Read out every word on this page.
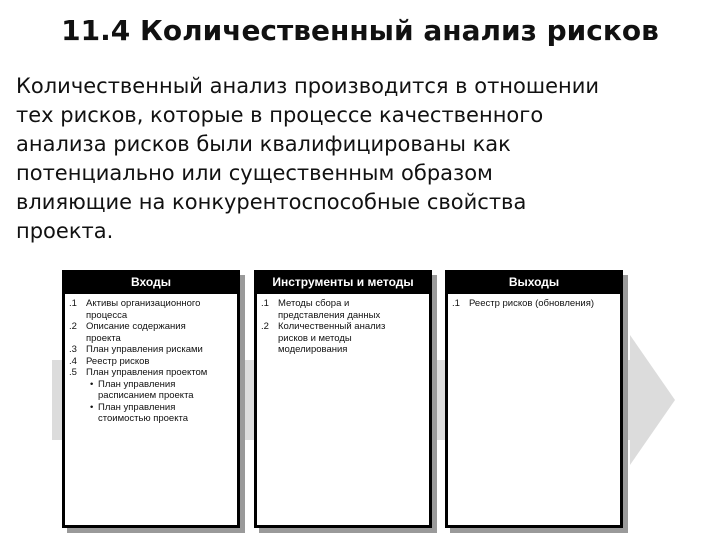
11.4 Количественный анализ рисков
Количественный анализ производится в отношении
тех рисков, которые в процессе качественного
анализа рисков были квалифицированы как
потенциально или существенным образом
влияющие на конкурентоспособные свойства
проекта.
Входы
.1 Активы организационного
процесса
.2 Описание содержания
проекта
.3 План управления рисками
.4 Реестр рисков
.5 План управления проектом
• План управления
расписанием проекта
• План управления
стоимостью проекта
Инструменты и методы
.1 Методы сбора и
представления данных
.2 Количественный анализ
рисков и методы
моделирования
Выходы
.1 Реестр рисков (обновления)
